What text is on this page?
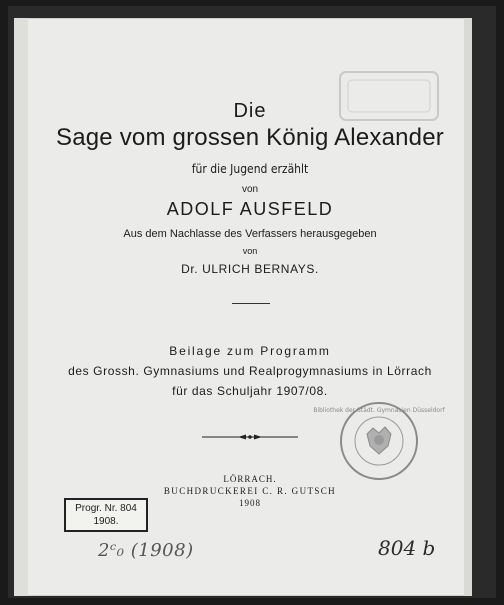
Die
Sage vom grossen König Alexander
für die Jugend erzählt
von
ADOLF AUSFELD
Aus dem Nachlasse des Verfassers herausgegeben
von
Dr. ULRICH BERNAYS.
Beilage zum Programm
des Grossh. Gymnasiums und Realprogymnasiums in Lörrach
für das Schuljahr 1907/08.
Bibliothek der Städt. Gymnasien Düsseldorf
LÖRRACH.
BUCHDRUCKEREI C. R. GUTSCH
1908
Progr. Nr. 804
1908.
2ᶜ₀ (1908)	804 b
